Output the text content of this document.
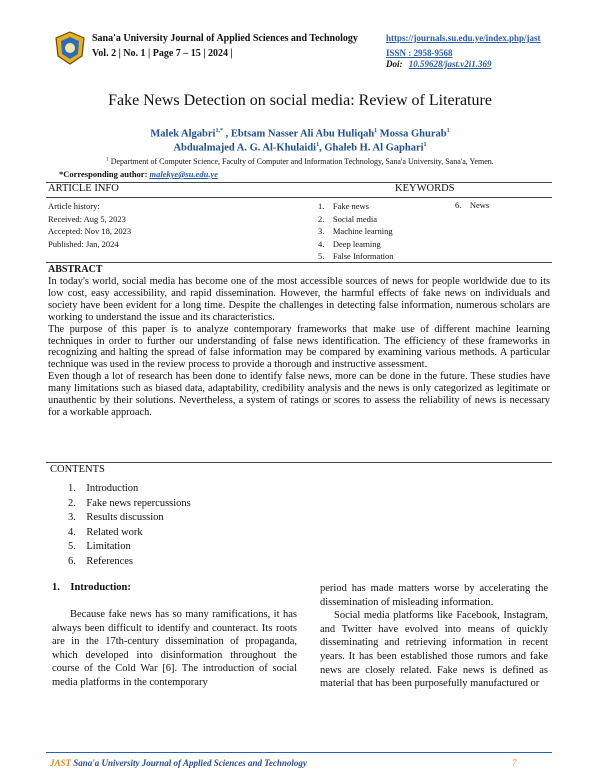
Sana'a University Journal of Applied Sciences and Technology
Vol. 2 | No. 1 | Page 7 – 15 | 2024 |
https://journals.su.edu.ye/index.php/jast
ISSN : 2958-9568
Doi: 10.59628/jast.v2i1.369
Fake News Detection on social media: Review of Literature
Malek Algabri$^{1,*}$ , Ebtsam Nasser Ali Abu Huliqah$^1$ Mossa Ghurab$^1$
Abdualmajed A. G. Al-Khulaidi$^1$, Ghaleb H. Al Gaphari$^1$
$^1$ Department of Computer Science, Faculty of Computer and Information Technology, Sana'a University, Sana'a, Yemen.
*Corresponding author: malekye@su.edu.ye
ARTICLE INFO	KEYWORDS
Article history:
Received: Aug 5, 2023
Accepted: Nov 18, 2023
Published: Jan, 2024
1. Fake news
2. Social media
3. Machine learning
4. Deep learning
5. False Information
6. News
ABSTRACT
In today's world, social media has become one of the most accessible sources of news for people worldwide due to its low cost, easy accessibility, and rapid dissemination. However, the harmful effects of fake news on individuals and society have been evident for a long time. Despite the challenges in detecting false information, numerous scholars are working to understand the issue and its characteristics.
The purpose of this paper is to analyze contemporary frameworks that make use of different machine learning techniques in order to further our understanding of false news identification. The efficiency of these frameworks in recognizing and halting the spread of false information may be compared by examining various methods. A particular technique was used in the review process to provide a thorough and instructive assessment.
Even though a lot of research has been done to identify false news, more can be done in the future. These studies have many limitations such as biased data, adaptability, credibility analysis and the news is only categorized as legitimate or unauthentic by their solutions. Nevertheless, a system of ratings or scores to assess the reliability of news is necessary for a workable approach.
CONTENTS
1. Introduction
2. Fake news repercussions
3. Results discussion
4. Related work
5. Limitation
6. References
1. Introduction:
Because fake news has so many ramifications, it has always been difficult to identify and counteract. Its roots are in the 17th-century dissemination of propaganda, which developed into disinformation throughout the course of the Cold War [6]. The introduction of social media platforms in the contemporary
period has made matters worse by accelerating the dissemination of misleading information.
Social media platforms like Facebook, Instagram, and Twitter have evolved into means of quickly disseminating and retrieving information in recent years. It has been established those rumors and fake news are closely related. Fake news is defined as material that has been purposefully manufactured or
JAST Sana'a University Journal of Applied Sciences and Technology	7
